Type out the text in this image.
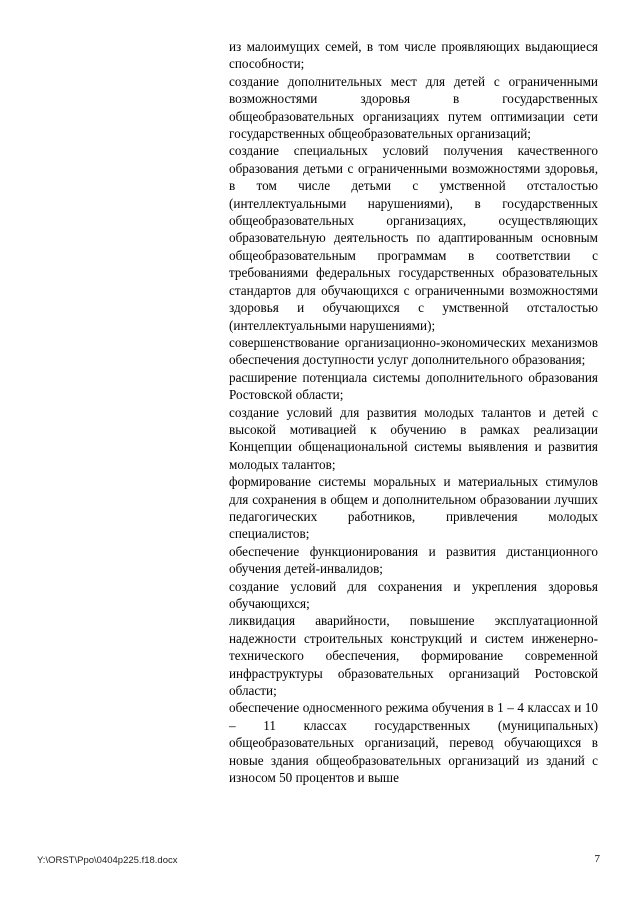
из малоимущих семей, в том числе проявляющих выдающиеся способности;

создание дополнительных мест для детей с ограниченными возможностями здоровья в государственных общеобразовательных организациях путем оптимизации сети государственных общеобразовательных организаций;

создание специальных условий получения качественного образования детьми с ограниченными возможностями здоровья, в том числе детьми с умственной отсталостью (интеллектуальными нарушениями), в государственных общеобразовательных организациях, осуществляющих образовательную деятельность по адаптированным основным общеобразовательным программам в соответствии с требованиями федеральных государственных образовательных стандартов для обучающихся с ограниченными возможностями здоровья и обучающихся с умственной отсталостью (интеллектуальными нарушениями);

совершенствование организационно-экономических механизмов обеспечения доступности услуг дополнительного образования;

расширение потенциала системы дополнительного образования Ростовской области;

создание условий для развития молодых талантов и детей с высокой мотивацией к обучению в рамках реализации Концепции общенациональной системы выявления и развития молодых талантов;

формирование системы моральных и материальных стимулов для сохранения в общем и дополнительном образовании лучших педагогических работников, привлечения молодых специалистов;

обеспечение функционирования и развития дистанционного обучения детей-инвалидов;

создание условий для сохранения и укрепления здоровья обучающихся;

ликвидация аварийности, повышение эксплуатационной надежности строительных конструкций и систем инженерно-технического обеспечения, формирование современной инфраструктуры образовательных организаций Ростовской области;

обеспечение односменного режима обучения в 1 – 4 классах и 10 – 11 классах государственных (муниципальных) общеобразовательных организаций, перевод обучающихся в новые здания общеобразовательных организаций из зданий с износом 50 процентов и выше

Y:\ORST\Ppo\0404p225.f18.docx	7
